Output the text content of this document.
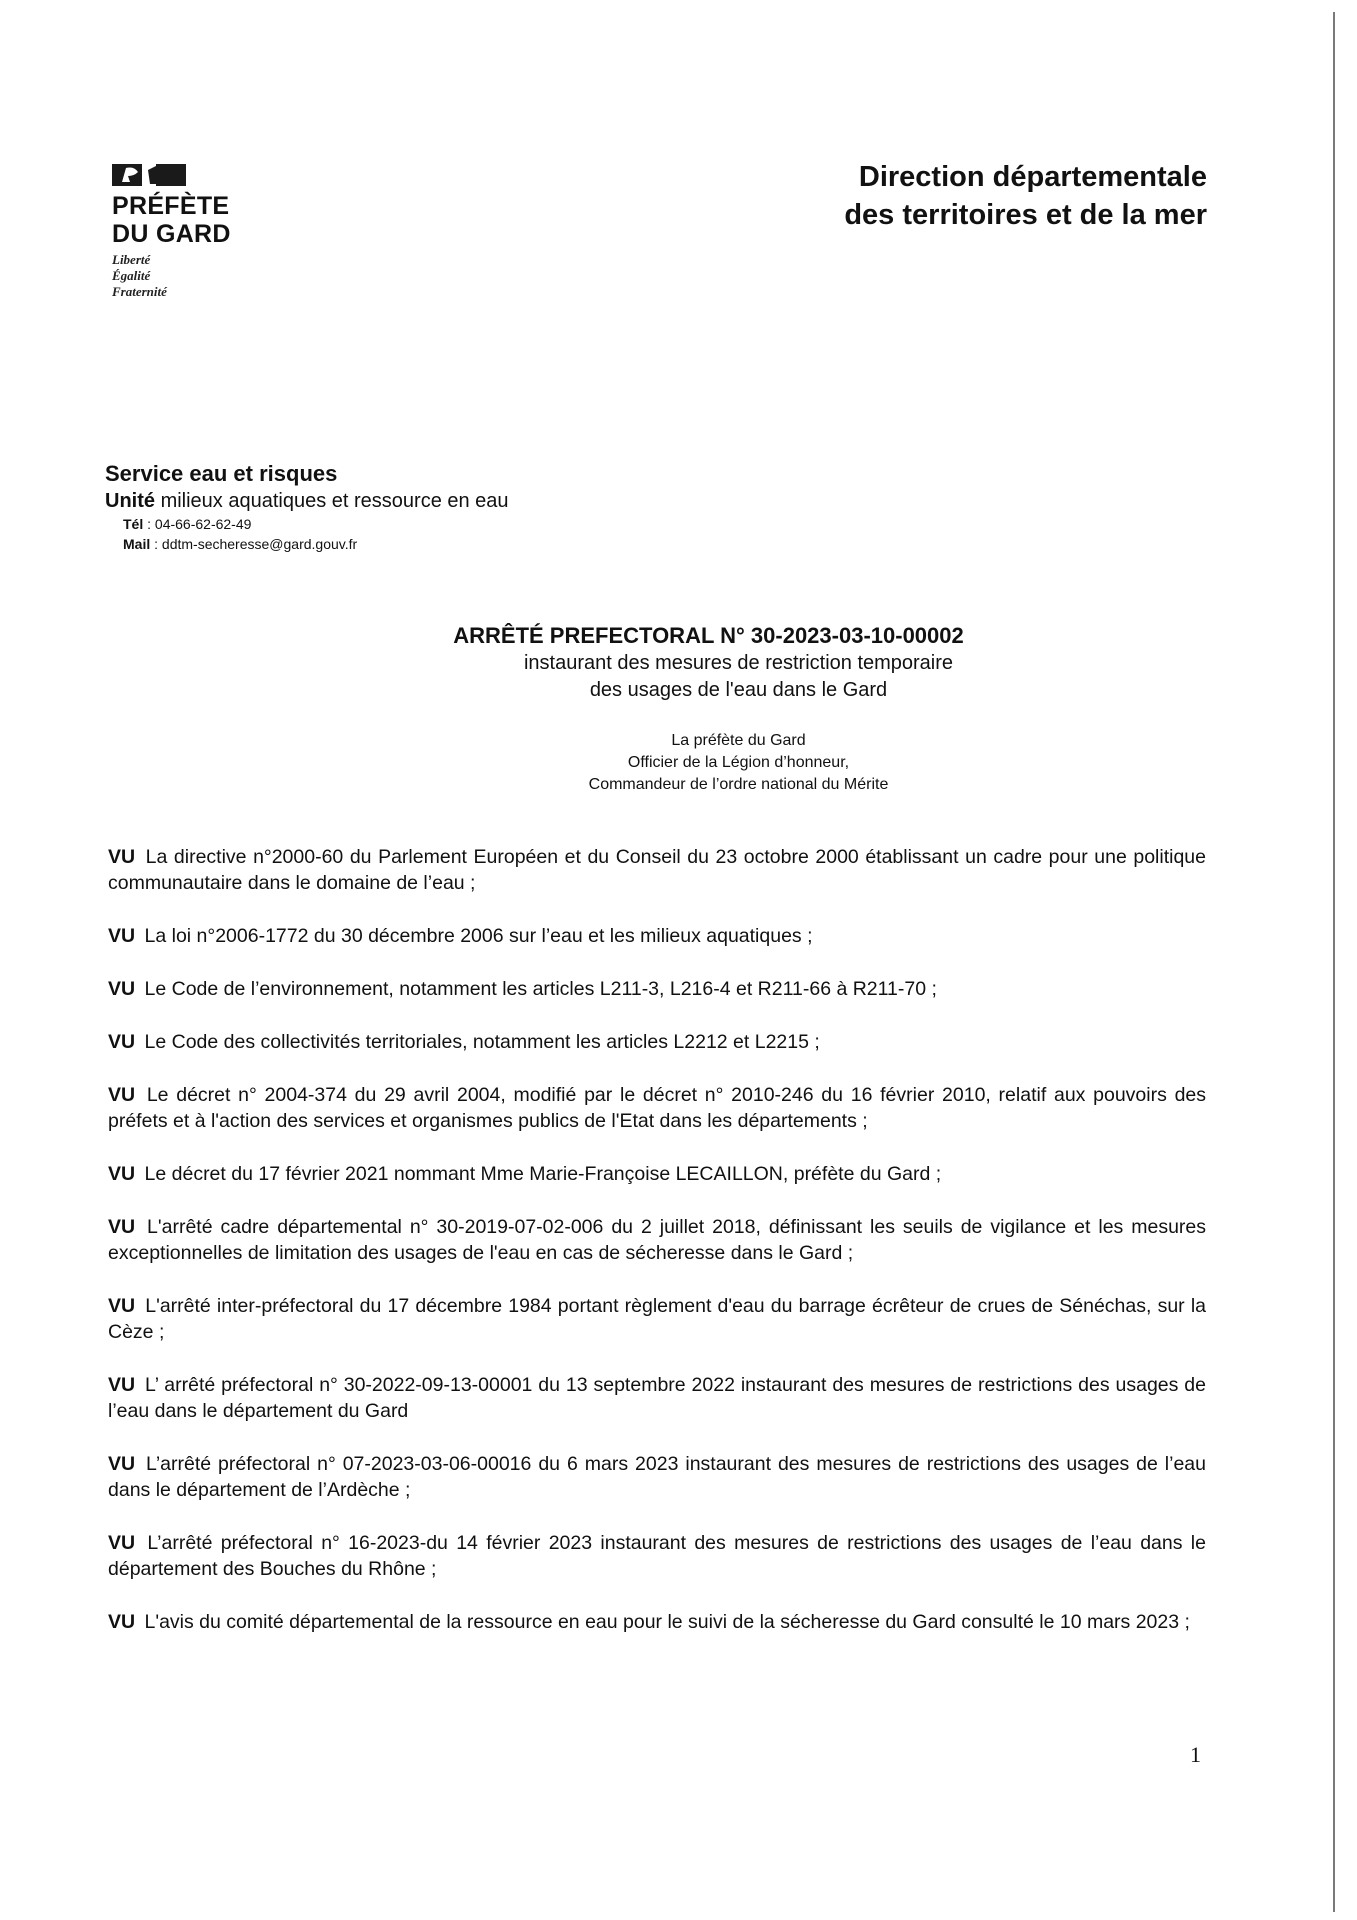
PRÉFÈTE
DU GARD
Liberté
Égalité
Fraternité
Direction départementale
des territoires et de la mer
Service eau et risques
Unité milieux aquatiques et ressource en eau
Tél : 04-66-62-62-49
Mail : ddtm-secheresse@gard.gouv.fr
ARRÊTÉ PREFECTORAL N° 30-2023-03-10-00002
instaurant des mesures de restriction temporaire
des usages de l'eau dans le Gard
La préfète du Gard
Officier de la Légion d’honneur,
Commandeur de l’ordre national du Mérite

VU La directive n°2000-60 du Parlement Européen et du Conseil du 23 octobre 2000 établissant un cadre pour une politique communautaire dans le domaine de l’eau ;

VU La loi n°2006-1772 du 30 décembre 2006 sur l’eau et les milieux aquatiques ;

VU Le Code de l’environnement, notamment les articles L211-3, L216-4 et R211-66 à R211-70 ;

VU Le Code des collectivités territoriales, notamment les articles L2212 et L2215 ;

VU Le décret n° 2004-374 du 29 avril 2004, modifié par le décret n° 2010-246 du 16 février 2010, relatif aux pouvoirs des préfets et à l'action des services et organismes publics de l'Etat dans les départements ;

VU Le décret du 17 février 2021 nommant Mme Marie-Françoise LECAILLON, préfète du Gard ;

VU L'arrêté cadre départemental n° 30-2019-07-02-006 du 2 juillet 2018, définissant les seuils de vigilance et les mesures exceptionnelles de limitation des usages de l'eau en cas de sécheresse dans le Gard ;

VU L'arrêté inter-préfectoral du 17 décembre 1984 portant règlement d'eau du barrage écrêteur de crues de Sénéchas, sur la Cèze ;

VU L’ arrêté préfectoral n° 30-2022-09-13-00001 du 13 septembre 2022 instaurant des mesures de restrictions des usages de l’eau dans le département du Gard

VU L’arrêté préfectoral n° 07-2023-03-06-00016 du 6 mars 2023 instaurant des mesures de restrictions des usages de l’eau dans le département de l’Ardèche ;

VU L’arrêté préfectoral n° 16-2023-du 14 février 2023 instaurant des mesures de restrictions des usages de l’eau dans le département des Bouches du Rhône ;

VU L'avis du comité départemental de la ressource en eau pour le suivi de la sécheresse du Gard consulté le 10 mars 2023 ;

1
